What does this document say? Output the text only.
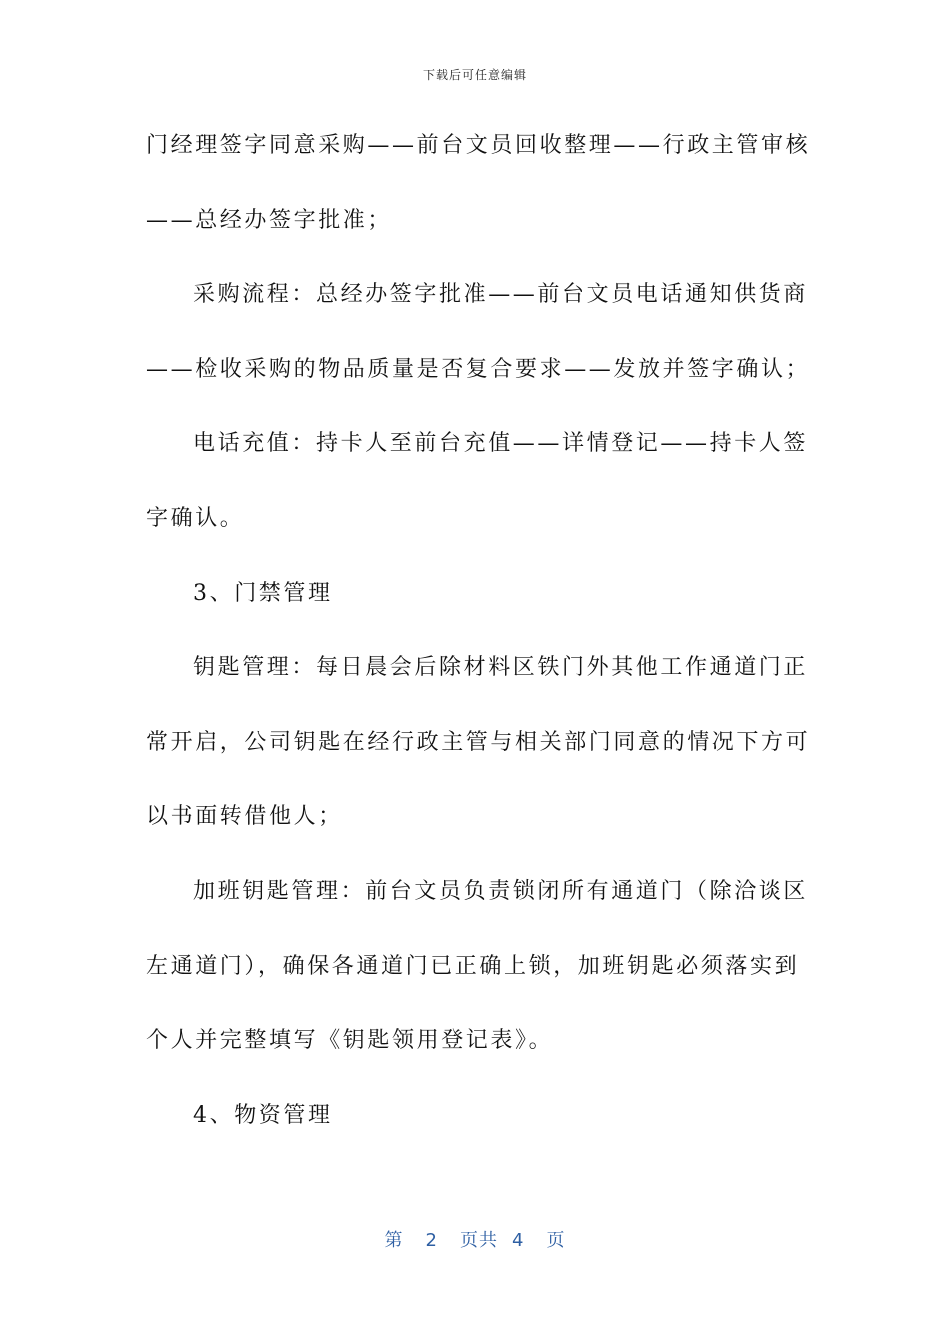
下载后可任意编辑
门经理签字同意采购——前台文员回收整理——行政主管审核
——总经办签字批准；
采购流程：总经办签字批准——前台文员电话通知供货商
——检收采购的物品质量是否复合要求——发放并签字确认；
电话充值：持卡人至前台充值——详情登记——持卡人签
字确认。
3、门禁管理
钥匙管理：每日晨会后除材料区铁门外其他工作通道门正
常开启，公司钥匙在经行政主管与相关部门同意的情况下方可
以书面转借他人；
加班钥匙管理：前台文员负责锁闭所有通道门（除洽谈区
左通道门），确保各通道门已正确上锁，加班钥匙必须落实到
个人并完整填写《钥匙领用登记表》。
4、物资管理
第 2 页共 4 页
